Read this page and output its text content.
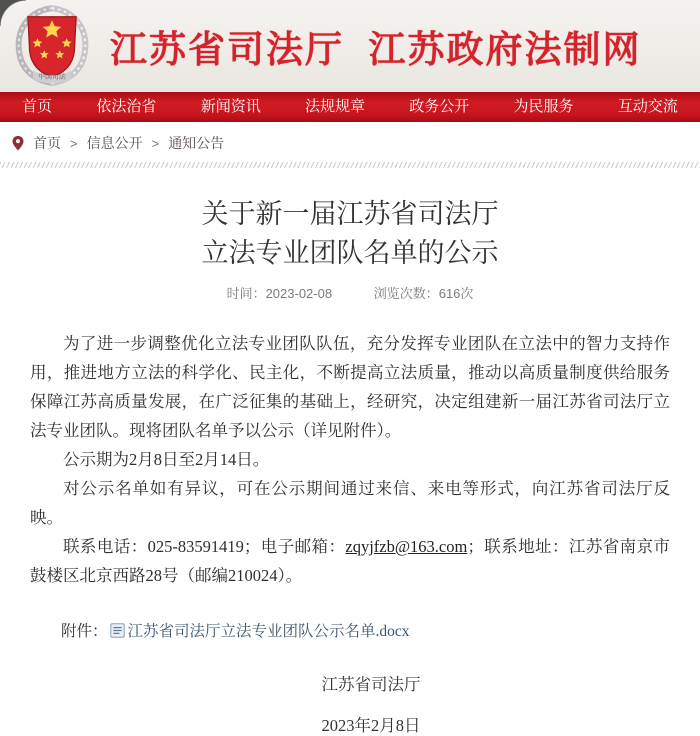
中国司法
江苏省司法厅  江苏政府法制网
首页	依法治省	新闻资讯	法规规章	政务公开	为民服务	互动交流
首页 > 信息公开 > 通知公告
关于新一届江苏省司法厅
立法专业团队名单的公示
时间：2023-02-08	浏览次数：616次

为了进一步调整优化立法专业团队队伍，充分发挥专业团队在立法中的智力支持作用，推进地方立法的科学化、民主化，不断提高立法质量，推动以高质量制度供给服务保障江苏高质量发展，在广泛征集的基础上，经研究，决定组建新一届江苏省司法厅立法专业团队。现将团队名单予以公示（详见附件）。

公示期为2月8日至2月14日。

对公示名单如有异议，可在公示期间通过来信、来电等形式，向江苏省司法厅反映。

联系电话：025-83591419；电子邮箱：zqyjfzb@163.com；联系地址：江苏省南京市鼓楼区北京西路28号（邮编210024）。

附件： 江苏省司法厅立法专业团队公示名单.docx
江苏省司法厅
2023年2月8日
